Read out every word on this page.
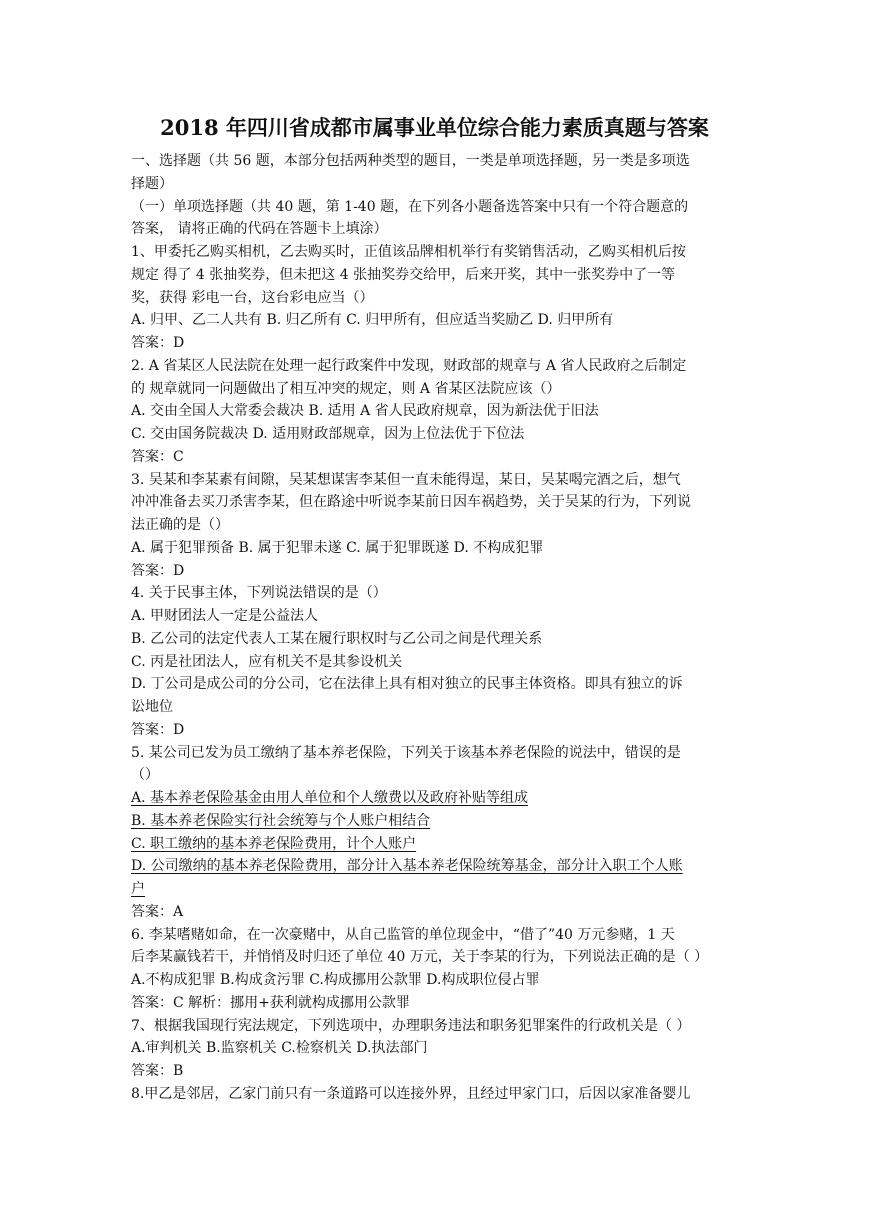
2018 年四川省成都市属事业单位综合能力素质真题与答案
一、选择题（共 56 题，本部分包括两种类型的题目，一类是单项选择题，另一类是多项选
择题）
（一）单项选择题（共 40 题，第 1-40 题，在下列各小题备选答案中只有一个符合题意的
答案， 请将正确的代码在答题卡上填涂）
1、甲委托乙购买相机，乙去购买时，正值该品牌相机举行有奖销售活动，乙购买相机后按
规定 得了 4 张抽奖券，但未把这 4 张抽奖券交给甲，后来开奖，其中一张奖券中了一等
奖，获得 彩电一台，这台彩电应当（）
A. 归甲、乙二人共有 B. 归乙所有 C. 归甲所有，但应适当奖励乙 D. 归甲所有
答案：D
2. A 省某区人民法院在处理一起行政案件中发现，财政部的规章与 A 省人民政府之后制定
的 规章就同一问题做出了相互冲突的规定，则 A 省某区法院应该（）
A. 交由全国人大常委会裁决 B. 适用 A 省人民政府规章，因为新法优于旧法
C. 交由国务院裁决 D. 适用财政部规章，因为上位法优于下位法
答案：C
3. 吴某和李某素有间隙，吴某想谋害李某但一直未能得逞，某日，吴某喝完酒之后，想气
冲冲准备去买刀杀害李某，但在路途中听说李某前日因车祸趋势，关于吴某的行为，下列说
法正确的是（）
A. 属于犯罪预备 B. 属于犯罪未遂 C. 属于犯罪既遂 D. 不构成犯罪
答案：D
4. 关于民事主体，下列说法错误的是（）
A. 甲财团法人一定是公益法人
B. 乙公司的法定代表人工某在履行职权时与乙公司之间是代理关系
C. 丙是社团法人，应有机关不是其参设机关
D. 丁公司是成公司的分公司，它在法律上具有相对独立的民事主体资格。即具有独立的诉
讼地位
答案：D
5. 某公司已发为员工缴纳了基本养老保险，下列关于该基本养老保险的说法中，错误的是
（）
A. 基本养老保险基金由用人单位和个人缴费以及政府补贴等组成
B. 基本养老保险实行社会统筹与个人账户相结合
C. 职工缴纳的基本养老保险费用，计个人账户
D. 公司缴纳的基本养老保险费用，部分计入基本养老保险统筹基金，部分计入职工个人账
户
答案：A
6. 李某嗜赌如命，在一次豪赌中，从自己监管的单位现金中，“借了”40 万元参赌，1 天
后李某赢钱若干，并悄悄及时归还了单位 40 万元，关于李某的行为，下列说法正确的是（ ）
A.不构成犯罪 B.构成贪污罪 C.构成挪用公款罪 D.构成职位侵占罪
答案：C 解析：挪用+获利就构成挪用公款罪
7、根据我国现行宪法规定，下列选项中，办理职务违法和职务犯罪案件的行政机关是（ ）
A.审判机关 B.监察机关 C.检察机关 D.执法部门
答案：B
8.甲乙是邻居，乙家门前只有一条道路可以连接外界，且经过甲家门口，后因以家准备婴儿
